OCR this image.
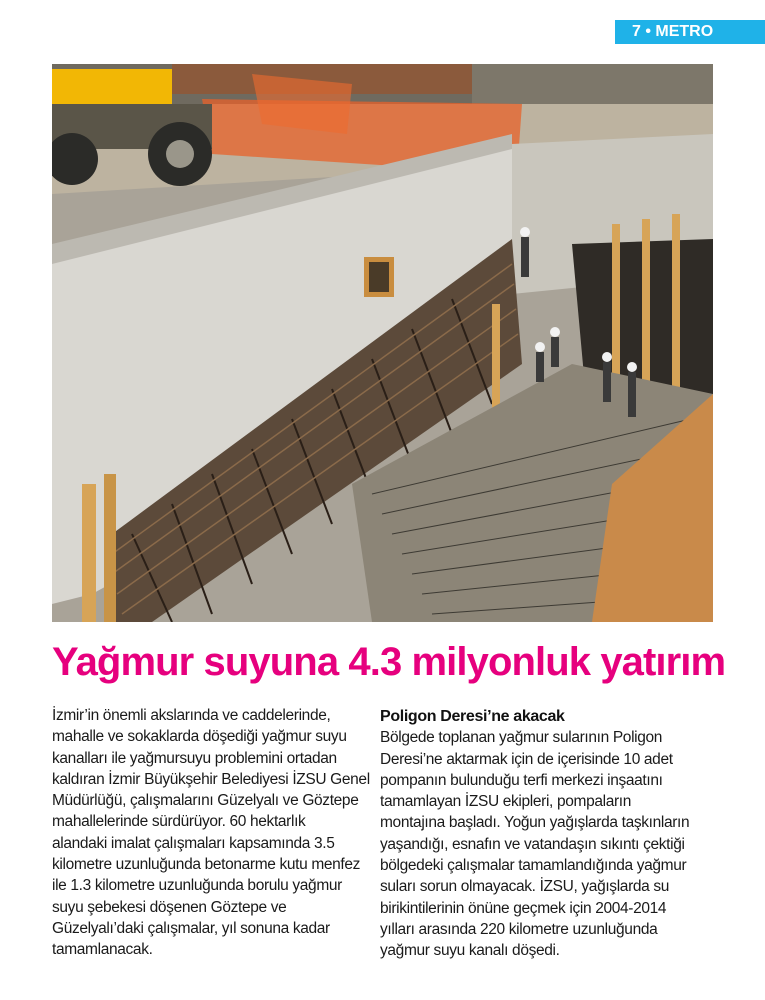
7 • METRO
Yağmur suyuna 4.3 milyonluk yatırım
İzmir’in önemli akslarında ve caddelerinde,
mahalle ve sokaklarda döşediği yağmur suyu
kanalları ile yağmursuyu problemini ortadan
kaldıran İzmir Büyükşehir Belediyesi İZSU Genel
Müdürlüğü, çalışmalarını Güzelyalı ve Göztepe
mahallelerinde sürdürüyor. 60 hektarlık
alandaki imalat çalışmaları kapsamında 3.5
kilometre uzunluğunda betonarme kutu menfez
ile 1.3 kilometre uzunluğunda borulu yağmur
suyu şebekesi döşenen Göztepe ve
Güzelyalı’daki çalışmalar, yıl sonuna kadar
tamamlanacak.
Poligon Deresi’ne akacak
Bölgede toplanan yağmur sularının Poligon
Deresi’ne aktarmak için de içerisinde 10 adet
pompanın bulunduğu terfi merkezi inşaatını
tamamlayan İZSU ekipleri, pompaların
montajına başladı. Yoğun yağışlarda taşkınların
yaşandığı, esnafın ve vatandaşın sıkıntı çektiği
bölgedeki çalışmalar tamamlandığında yağmur
suları sorun olmayacak. İZSU, yağışlarda su
birikintilerinin önüne geçmek için 2004-2014
yılları arasında 220 kilometre uzunluğunda
yağmur suyu kanalı döşedi.
